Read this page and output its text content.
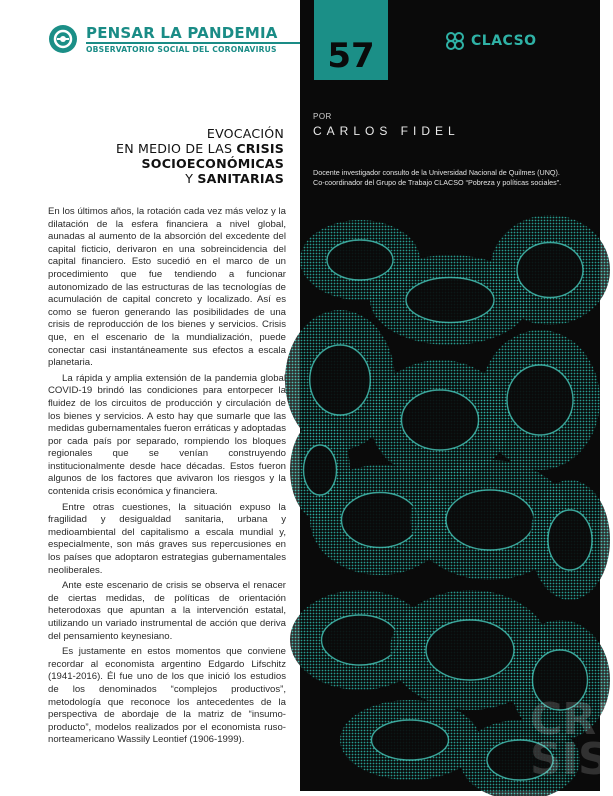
PENSAR LA PANDEMIA
OBSERVATORIO SOCIAL DEL CORONAVIRUS	57	CLACSO
POR
CARLOS FIDEL
Docente investigador consulto de la Universidad Nacional de Quilmes (UNQ).
Co-coordinador del Grupo de Trabajo CLACSO “Pobreza y políticas sociales”.
EVOCACIÓN
EN MEDIO DE LAS CRISIS
SOCIOECONÓMICAS
Y SANITARIAS

En los últimos años, la rotación cada vez más veloz y la dilatación de la esfera financiera a nivel global, aunadas al aumento de la absorción del excedente del capital ficticio, derivaron en una sobreincidencia del capital financiero. Esto sucedió en el marco de un procedimiento que fue tendiendo a funcionar autonomizado de las estructuras de las tecnologías de acumulación de capital concreto y localizado. Así es como se fueron generando las posibilidades de una crisis de reproducción de los bienes y servicios. Crisis que, en el escenario de la mundialización, puede conectar casi instantáneamente sus efectos a escala planetaria.

La rápida y amplia extensión de la pandemia global COVID-19 brindó las condiciones para entorpecer la fluidez de los circuitos de producción y circulación de los bienes y servicios. A esto hay que sumarle que las medidas gubernamentales fueron erráticas y adoptadas por cada país por separado, rompiendo los bloques regionales que se venían construyendo institucionalmente desde hace décadas. Estos fueron algunos de los factores que avivaron los riesgos y la contenida crisis económica y financiera.

Entre otras cuestiones, la situación expuso la fragilidad y desigualdad sanitaria, urbana y medioambiental del capitalismo a escala mundial y, especialmente, son más graves sus repercusiones en los países que adoptaron estrategias gubernamentales neoliberales.

Ante este escenario de crisis se observa el renacer de ciertas medidas, de políticas de orientación heterodoxas que apuntan a la intervención estatal, utilizando un variado instrumental de acción que deriva del pensamiento keynesiano.

Es justamente en estos momentos que conviene recordar al economista argentino Edgardo Lifschitz (1941-2016). Él fue uno de los que inició los estudios de los denominados “complejos productivos”, metodología que reconoce los antecedentes de la perspectiva de abordaje de la matriz de “insumo-producto”, modelos realizados por el economista ruso-norteamericano Wassily Leontief (1906-1999).	CRI
SIS
